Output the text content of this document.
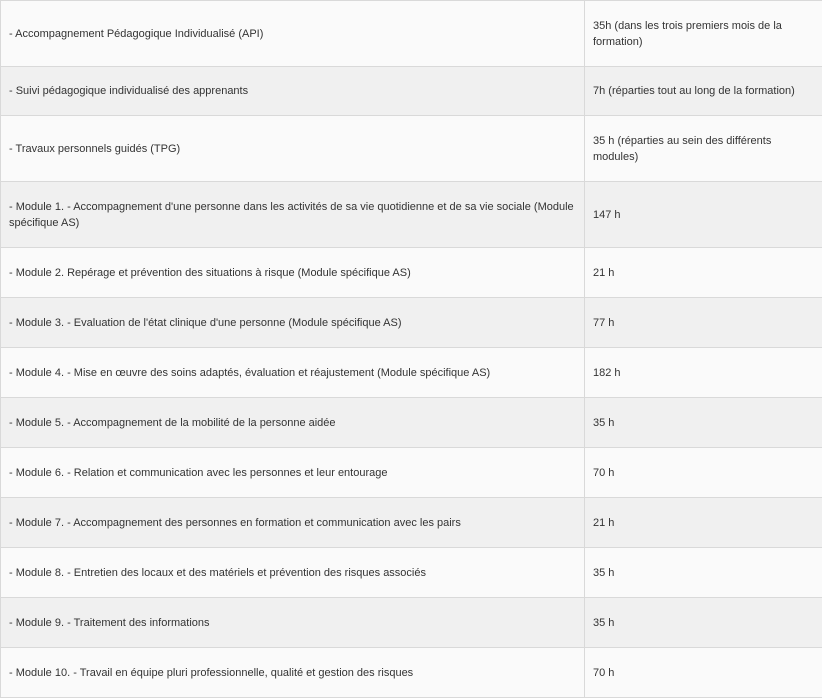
- Accompagnement Pédagogique Individualisé (API)	35h (dans les trois premiers mois de la formation)
- Suivi pédagogique individualisé des apprenants	7h (réparties tout au long de la formation)
- Travaux personnels guidés (TPG)	35 h (réparties au sein des différents modules)
- Module 1. - Accompagnement d'une personne dans les activités de sa vie quotidienne et de sa vie sociale (Module spécifique AS)	147 h
- Module 2. Repérage et prévention des situations à risque (Module spécifique AS)	21 h
- Module 3. - Evaluation de l'état clinique d'une personne (Module spécifique AS)	77 h
- Module 4. - Mise en œuvre des soins adaptés, évaluation et réajustement (Module spécifique AS)	182 h
- Module 5. - Accompagnement de la mobilité de la personne aidée	35 h
- Module 6. - Relation et communication avec les personnes et leur entourage	70 h
- Module 7. - Accompagnement des personnes en formation et communication avec les pairs	21 h
- Module 8. - Entretien des locaux et des matériels et prévention des risques associés	35 h
- Module 9. - Traitement des informations	35 h
- Module 10. - Travail en équipe pluri professionnelle, qualité et gestion des risques	70 h
